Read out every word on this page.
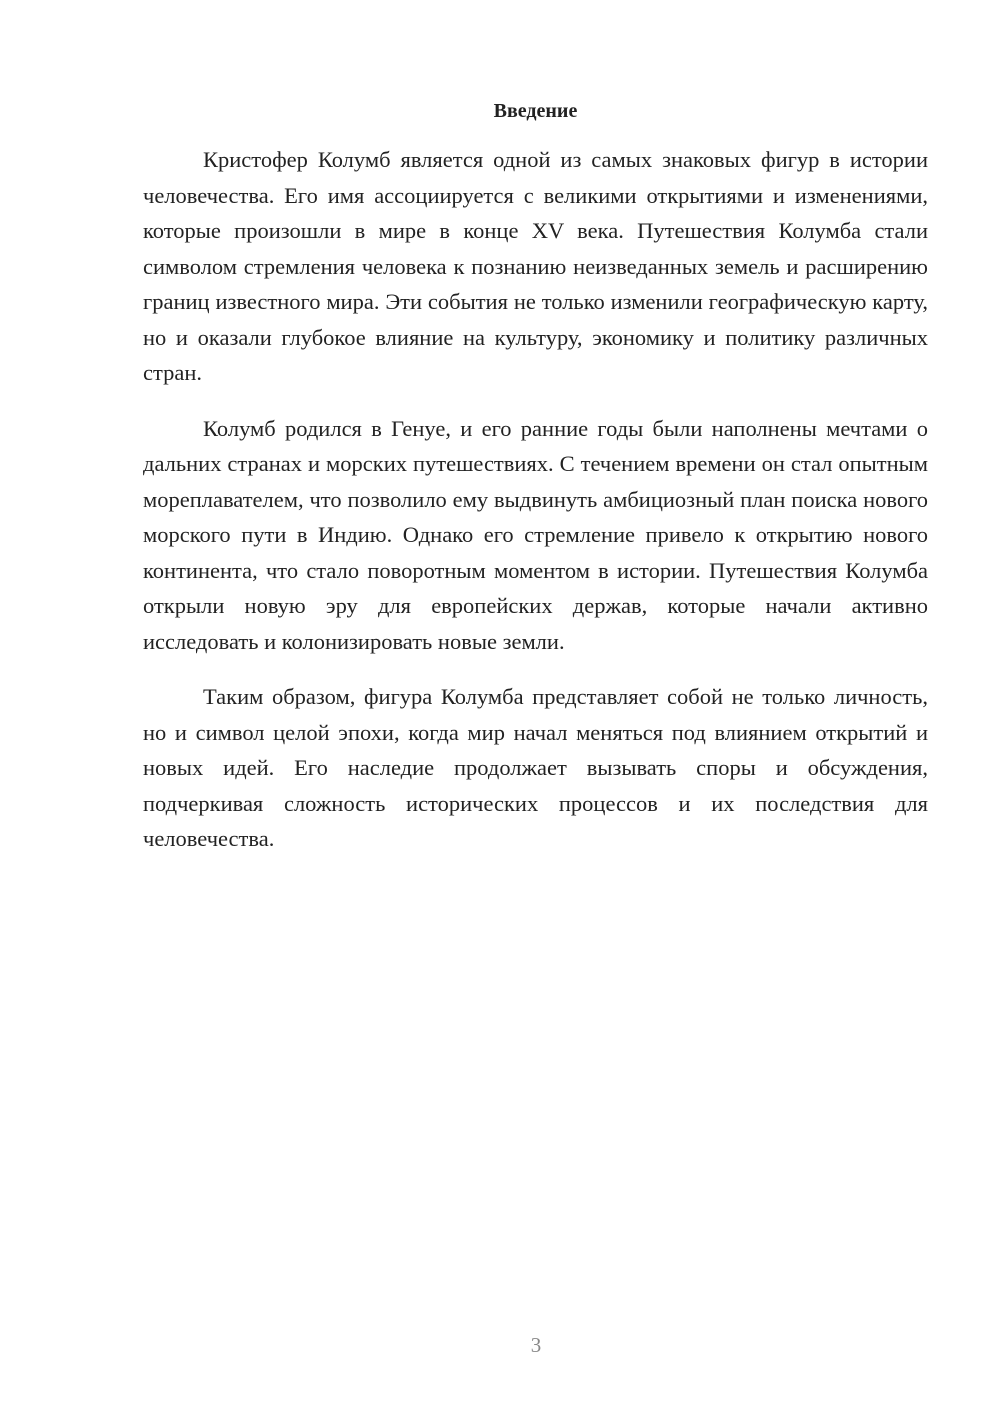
Введение

Кристофер Колумб является одной из самых знаковых фигур в истории человечества. Его имя ассоциируется с великими открытиями и изменениями, которые произошли в мире в конце XV века. Путешествия Колумба стали символом стремления человека к познанию неизведанных земель и расширению границ известного мира. Эти события не только изменили географическую карту, но и оказали глубокое влияние на культуру, экономику и политику различных стран.

Колумб родился в Генуе, и его ранние годы были наполнены мечтами о дальних странах и морских путешествиях. С течением времени он стал опытным мореплавателем, что позволило ему выдвинуть амбициозный план поиска нового морского пути в Индию. Однако его стремление привело к открытию нового континента, что стало поворотным моментом в истории. Путешествия Колумба открыли новую эру для европейских держав, которые начали активно исследовать и колонизировать новые земли.

Таким образом, фигура Колумба представляет собой не только личность, но и символ целой эпохи, когда мир начал меняться под влиянием открытий и новых идей. Его наследие продолжает вызывать споры и обсуждения, подчеркивая сложность исторических процессов и их последствия для человечества.

3
